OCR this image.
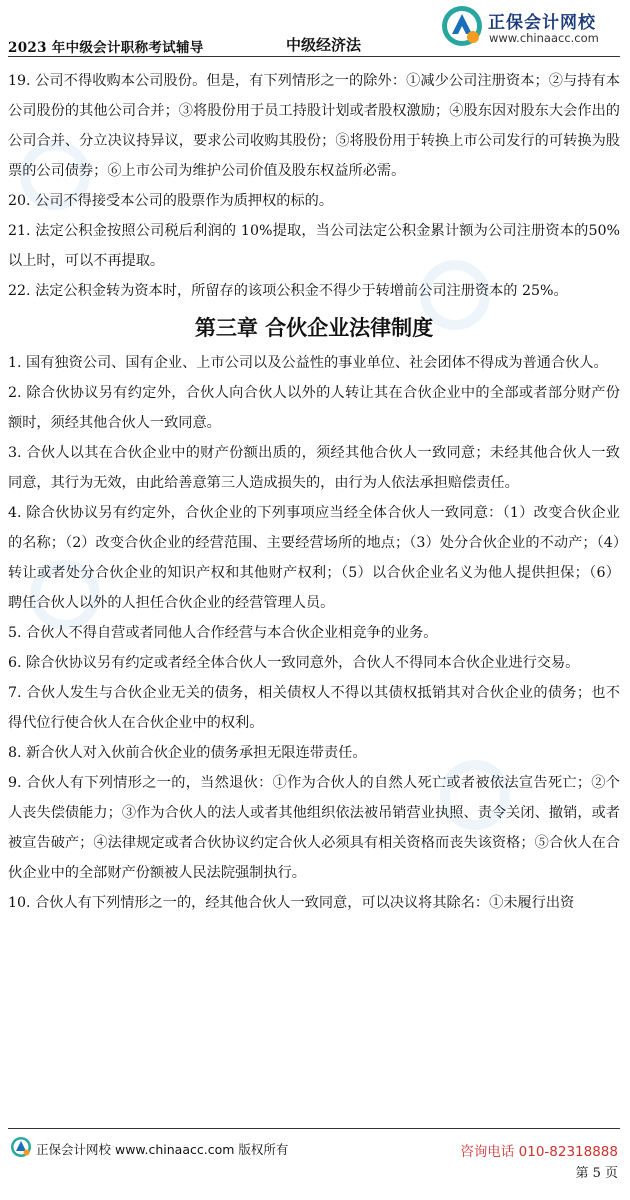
2023 年中级会计职称考试辅导	中级经济法
正保会计网校
www.chinaacc.com
19. 公司不得收购本公司股份。但是，有下列情形之一的除外：①减少公司注册资本；②与持有本公司股份的其他公司合并；③将股份用于员工持股计划或者股权激励；④股东因对股东大会作出的公司合并、分立决议持异议，要求公司收购其股份；⑤将股份用于转换上市公司发行的可转换为股票的公司债券；⑥上市公司为维护公司价值及股东权益所必需。
20. 公司不得接受本公司的股票作为质押权的标的。
21. 法定公积金按照公司税后利润的 10%提取，当公司法定公积金累计额为公司注册资本的50%以上时，可以不再提取。
22. 法定公积金转为资本时，所留存的该项公积金不得少于转增前公司注册资本的 25%。
第三章 合伙企业法律制度
1. 国有独资公司、国有企业、上市公司以及公益性的事业单位、社会团体不得成为普通合伙人。
2. 除合伙协议另有约定外，合伙人向合伙人以外的人转让其在合伙企业中的全部或者部分财产份额时，须经其他合伙人一致同意。
3. 合伙人以其在合伙企业中的财产份额出质的，须经其他合伙人一致同意；未经其他合伙人一致同意，其行为无效，由此给善意第三人造成损失的，由行为人依法承担赔偿责任。
4. 除合伙协议另有约定外，合伙企业的下列事项应当经全体合伙人一致同意：（1）改变合伙企业的名称；（2）改变合伙企业的经营范围、主要经营场所的地点；（3）处分合伙企业的不动产；（4）转让或者处分合伙企业的知识产权和其他财产权利；（5）以合伙企业名义为他人提供担保；（6）聘任合伙人以外的人担任合伙企业的经营管理人员。
5. 合伙人不得自营或者同他人合作经营与本合伙企业相竞争的业务。
6. 除合伙协议另有约定或者经全体合伙人一致同意外，合伙人不得同本合伙企业进行交易。
7. 合伙人发生与合伙企业无关的债务，相关债权人不得以其债权抵销其对合伙企业的债务；也不得代位行使合伙人在合伙企业中的权利。
8. 新合伙人对入伙前合伙企业的债务承担无限连带责任。
9. 合伙人有下列情形之一的，当然退伙：①作为合伙人的自然人死亡或者被依法宣告死亡；②个人丧失偿债能力；③作为合伙人的法人或者其他组织依法被吊销营业执照、责令关闭、撤销，或者被宣告破产；④法律规定或者合伙协议约定合伙人必须具有相关资格而丧失该资格；⑤合伙人在合伙企业中的全部财产份额被人民法院强制执行。
10. 合伙人有下列情形之一的，经其他合伙人一致同意，可以决议将其除名：①未履行出资
正保会计网校 www.chinaacc.com 版权所有	咨询电话 010-82318888
第 5 页
